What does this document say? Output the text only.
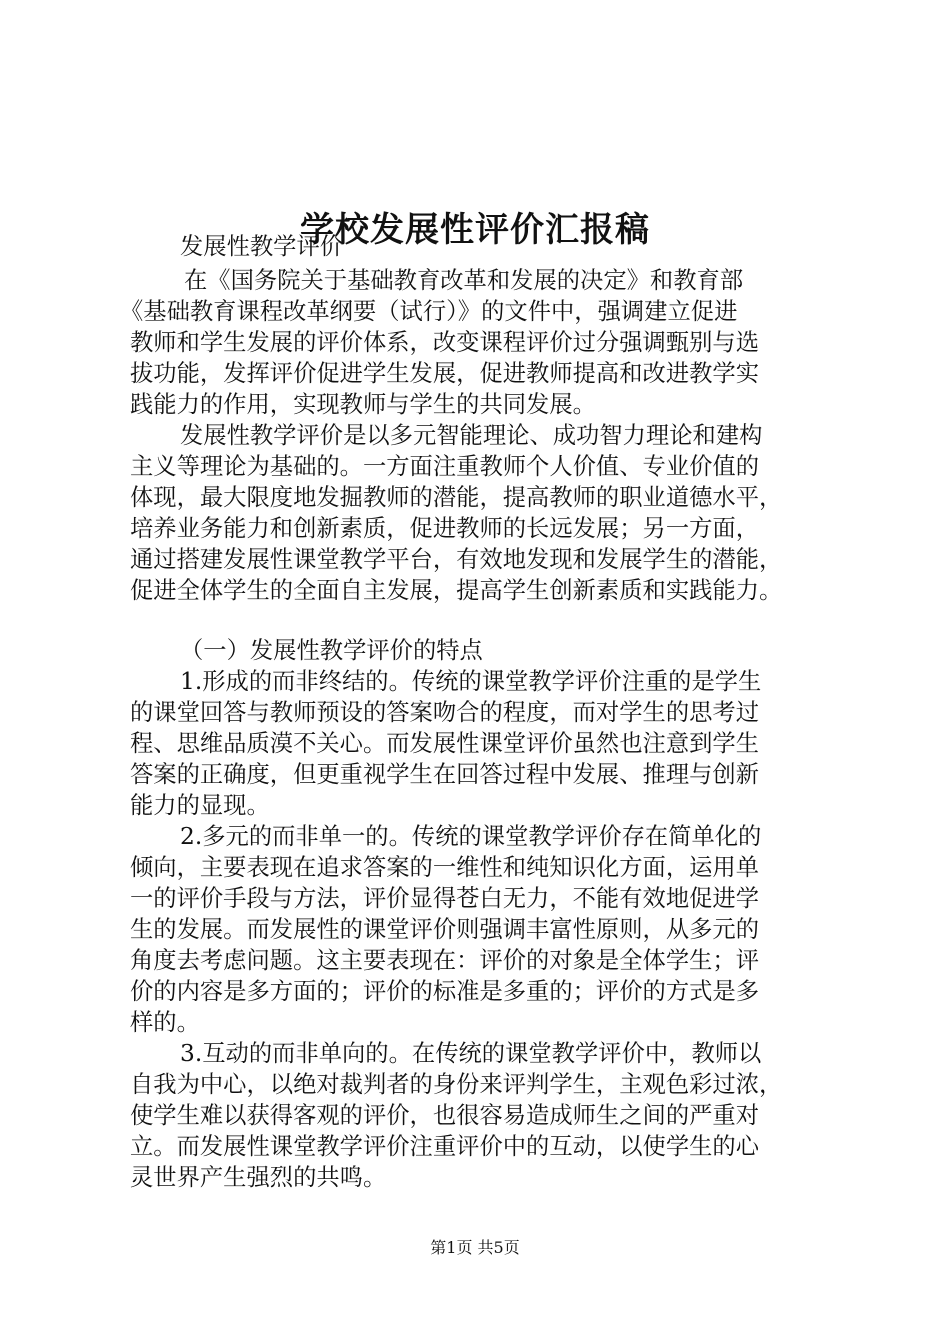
学校发展性评价汇报稿
发展性教学评价
在《国务院关于基础教育改革和发展的决定》和教育部
《基础教育课程改革纲要（试行）》的文件中，强调建立促进
教师和学生发展的评价体系，改变课程评价过分强调甄别与选
拔功能，发挥评价促进学生发展，促进教师提高和改进教学实
践能力的作用，实现教师与学生的共同发展。
发展性教学评价是以多元智能理论、成功智力理论和建构
主义等理论为基础的。一方面注重教师个人价值、专业价值的
体现，最大限度地发掘教师的潜能，提高教师的职业道德水平，
培养业务能力和创新素质，促进教师的长远发展；另一方面，
通过搭建发展性课堂教学平台，有效地发现和发展学生的潜能，
促进全体学生的全面自主发展，提高学生创新素质和实践能力。
（一）发展性教学评价的特点
1.形成的而非终结的。传统的课堂教学评价注重的是学生
的课堂回答与教师预设的答案吻合的程度，而对学生的思考过
程、思维品质漠不关心。而发展性课堂评价虽然也注意到学生
答案的正确度，但更重视学生在回答过程中发展、推理与创新
能力的显现。
2.多元的而非单一的。传统的课堂教学评价存在简单化的
倾向，主要表现在追求答案的一维性和纯知识化方面，运用单
一的评价手段与方法，评价显得苍白无力，不能有效地促进学
生的发展。而发展性的课堂评价则强调丰富性原则，从多元的
角度去考虑问题。这主要表现在：评价的对象是全体学生；评
价的内容是多方面的；评价的标准是多重的；评价的方式是多
样的。
3.互动的而非单向的。在传统的课堂教学评价中，教师以
自我为中心，以绝对裁判者的身份来评判学生，主观色彩过浓，
使学生难以获得客观的评价，也很容易造成师生之间的严重对
立。而发展性课堂教学评价注重评价中的互动，以使学生的心
灵世界产生强烈的共鸣。
第1页 共5页
